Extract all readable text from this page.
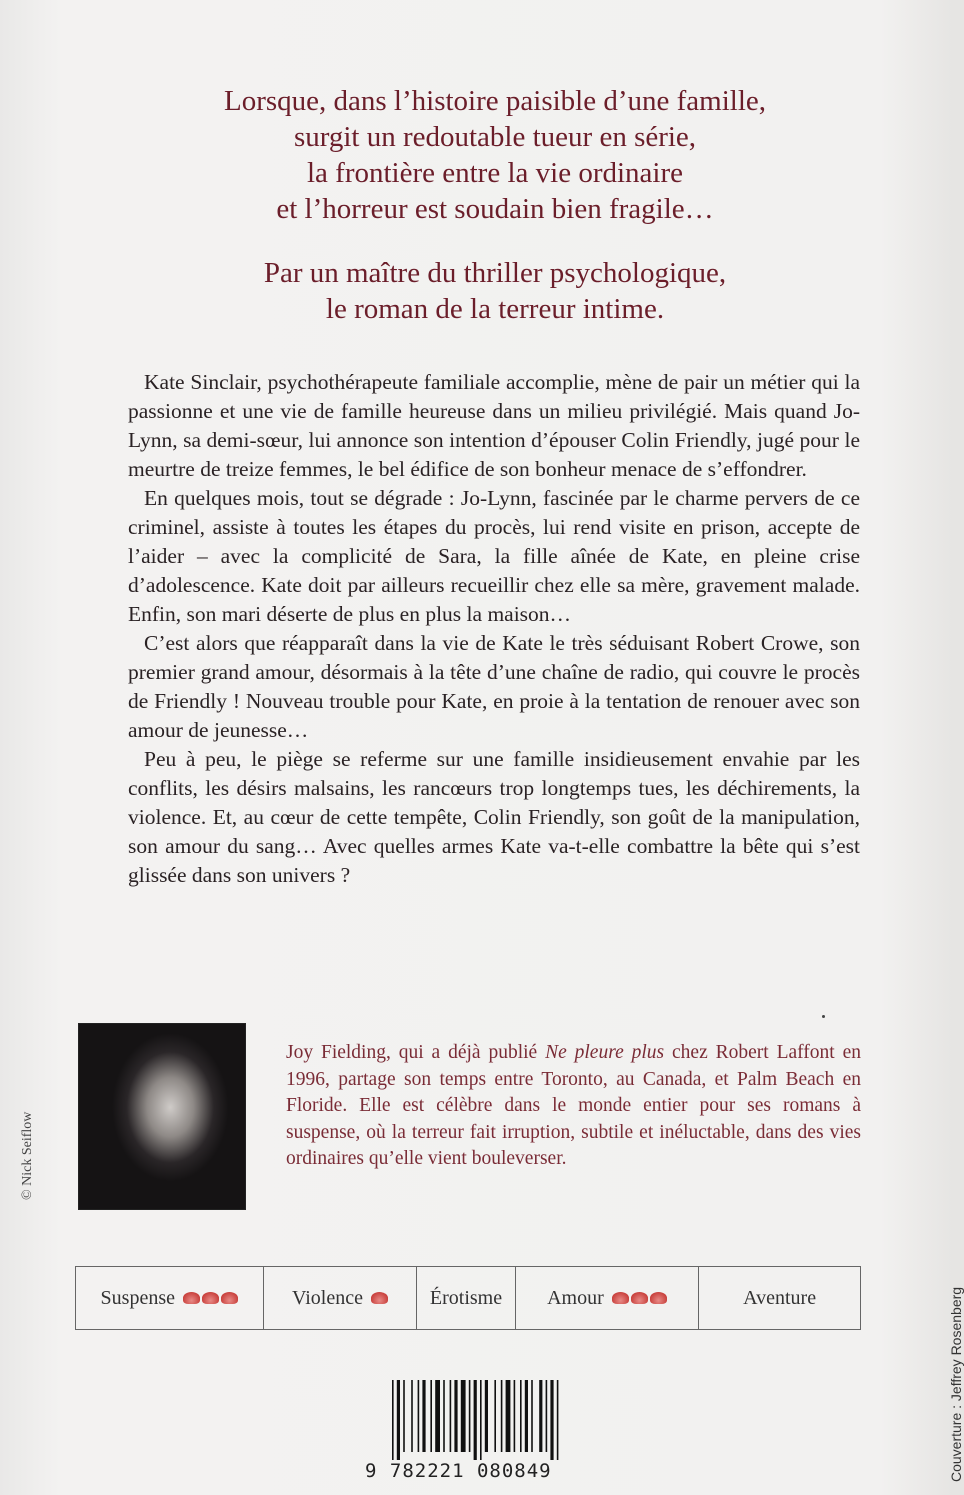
Lorsque, dans l’histoire paisible d’une famille,
surgit un redoutable tueur en série,
la frontière entre la vie ordinaire
et l’horreur est soudain bien fragile…
Par un maître du thriller psychologique,
le roman de la terreur intime.

Kate Sinclair, psychothérapeute familiale accomplie, mène de pair un métier qui la passionne et une vie de famille heureuse dans un milieu privilégié. Mais quand Jo-Lynn, sa demi-sœur, lui annonce son intention d’épouser Colin Friendly, jugé pour le meurtre de treize femmes, le bel édifice de son bonheur menace de s’effondrer.

En quelques mois, tout se dégrade : Jo-Lynn, fascinée par le charme pervers de ce criminel, assiste à toutes les étapes du procès, lui rend visite en prison, accepte de l’aider – avec la complicité de Sara, la fille aînée de Kate, en pleine crise d’adolescence. Kate doit par ailleurs recueillir chez elle sa mère, gravement malade. Enfin, son mari déserte de plus en plus la maison…

C’est alors que réapparaît dans la vie de Kate le très séduisant Robert Crowe, son premier grand amour, désormais à la tête d’une chaîne de radio, qui couvre le procès de Friendly ! Nouveau trouble pour Kate, en proie à la tentation de renouer avec son amour de jeunesse…

Peu à peu, le piège se referme sur une famille insidieusement envahie par les conflits, les désirs malsains, les rancœurs trop longtemps tues, les déchirements, la violence. Et, au cœur de cette tempête, Colin Friendly, son goût de la manipulation, son amour du sang… Avec quelles armes Kate va-t-elle combattre la bête qui s’est glissée dans son univers ?

© Nick Seiflow
Joy Fielding, qui a déjà publié Ne pleure plus chez Robert Laffont en 1996, partage son temps entre Toronto, au Canada, et Palm Beach en Floride. Elle est célèbre dans le monde entier pour ses romans à suspense, où la terreur fait irruption, subtile et inéluctable, dans des vies ordinaires qu’elle vient bouleverser.
Suspense	Violence	Érotisme Amour	Aventure
9 782221 080849	Couverture : Jeffrey Rosenberg
